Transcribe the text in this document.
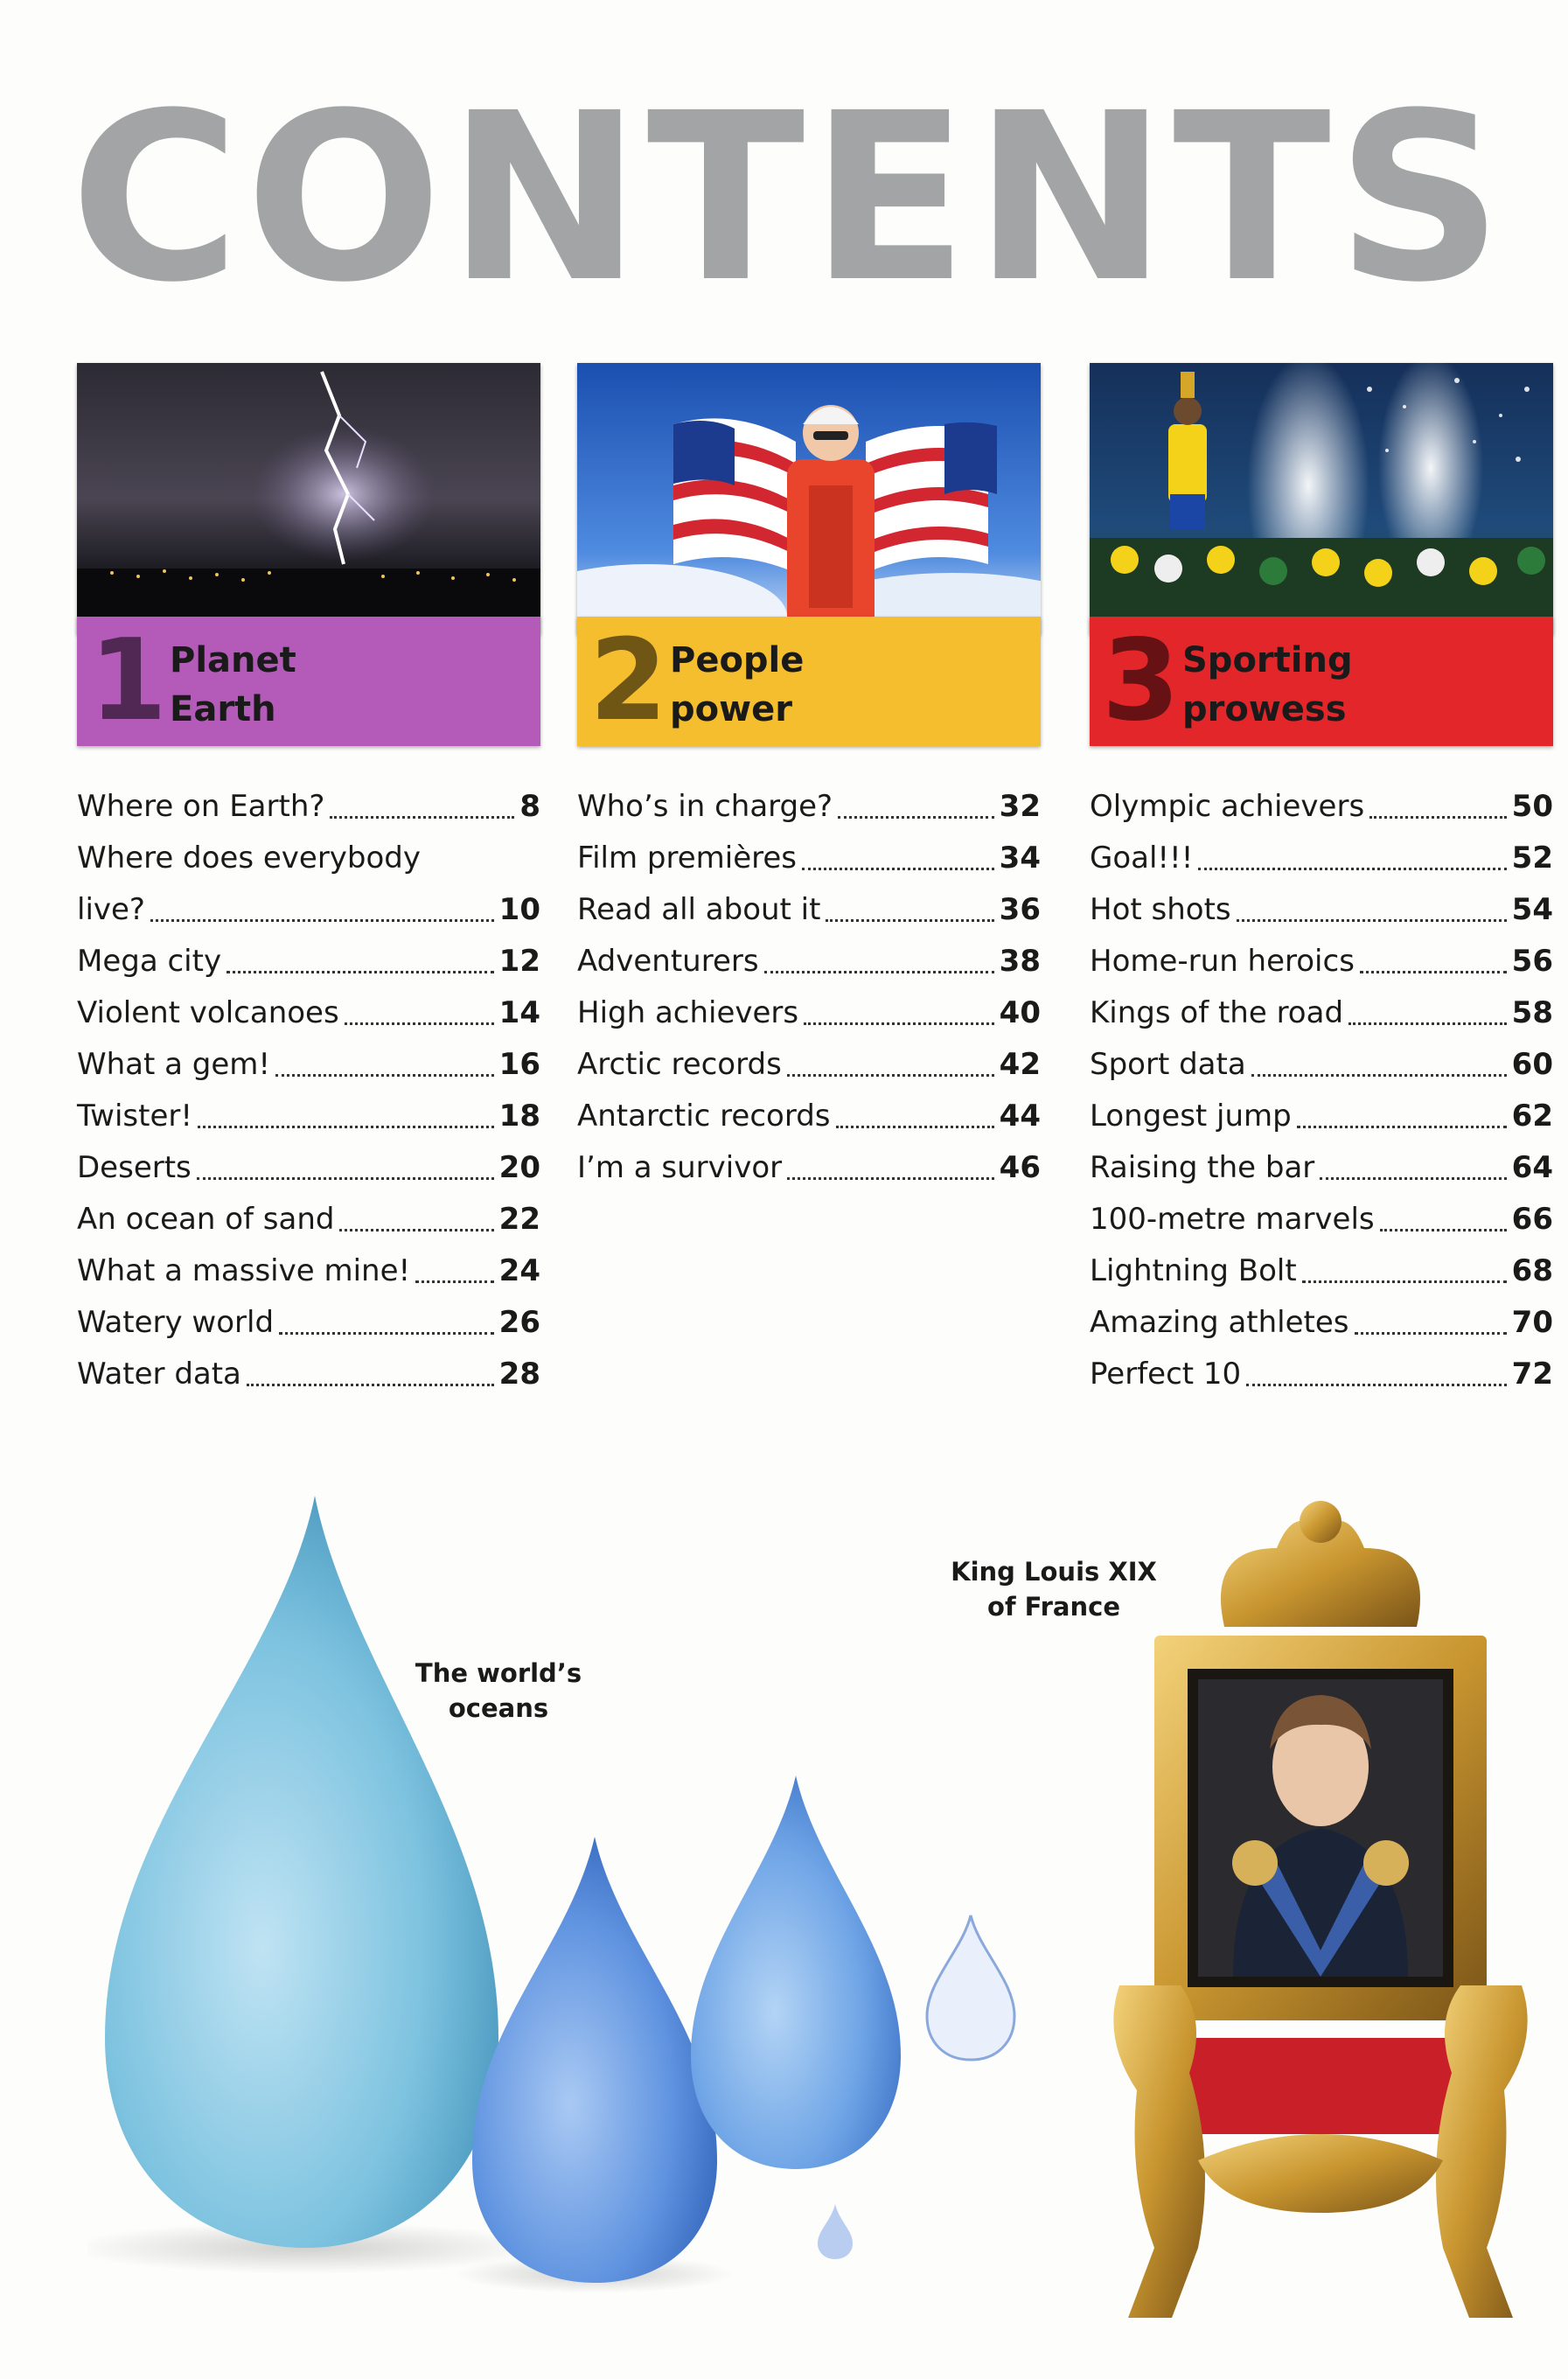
CONTENTS
1 Planet
Earth
Where on Earth?	8
Where does everybody
live?	10
Mega city	12
Violent volcanoes	14
What a gem!	16
Twister!	18
Deserts	20
An ocean of sand	22
What a massive mine!	24
Watery world	26
Water data	28
2 People
power
Who’s in charge?	32
Film premières	34
Read all about it	36
Adventurers	38
High achievers	40
Arctic records	42
Antarctic records	44
I’m a survivor	46
3 Sporting
prowess
Olympic achievers	50
Goal!!!	52
Hot shots	54
Home-run heroics	56
Kings of the road	58
Sport data	60
Longest jump	62
Raising the bar	64
100-metre marvels	66
Lightning Bolt	68
Amazing athletes	70
Perfect 10	72
The world’s
oceans
King Louis XIX
of France
